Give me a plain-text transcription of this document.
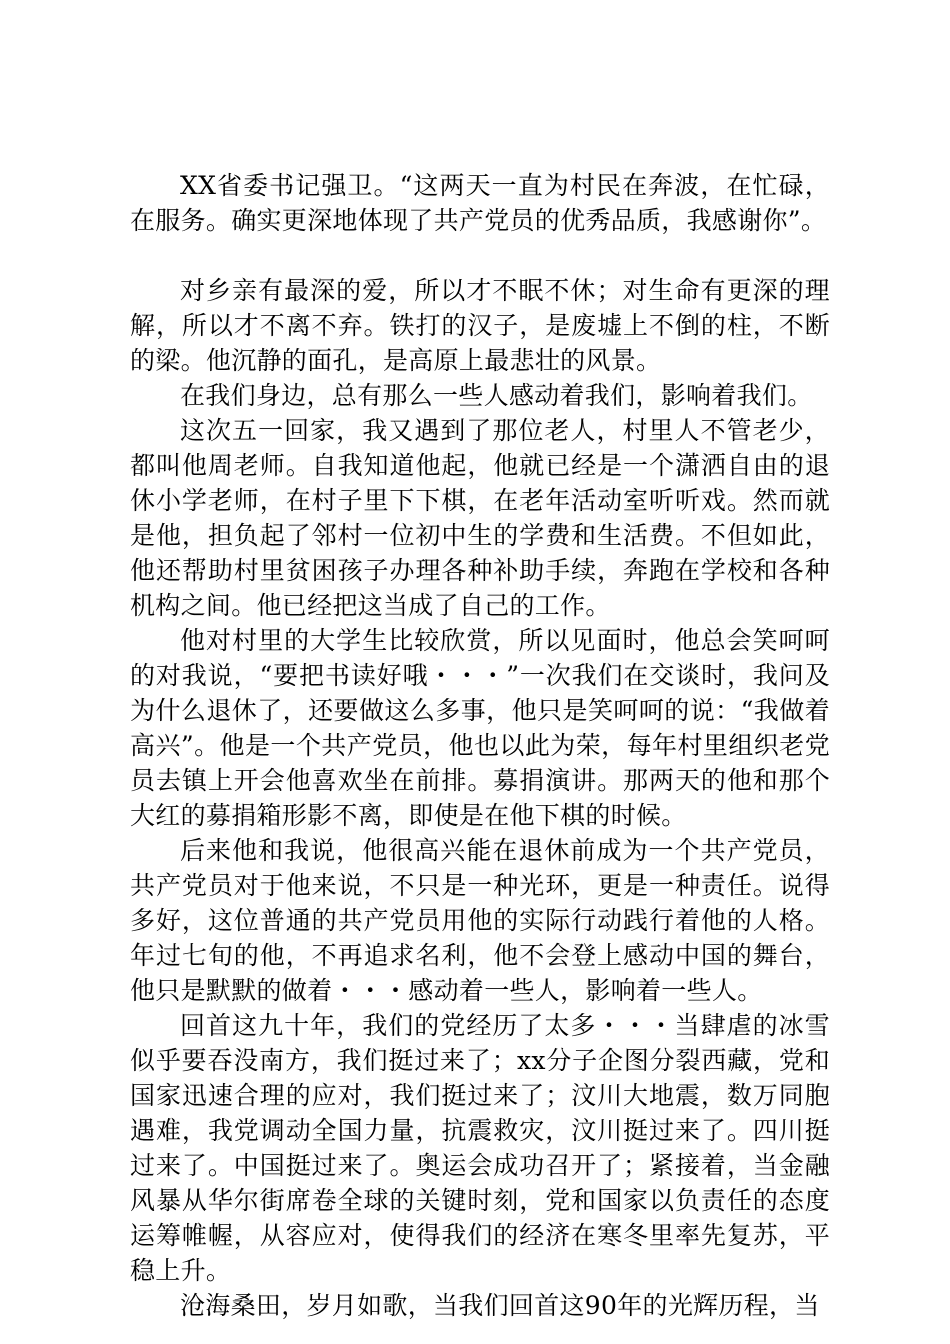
XX省委书记强卫。“这两天一直为村民在奔波，在忙碌，在服务。确实更深地体现了共产党员的优秀品质，我感谢你”。

对乡亲有最深的爱，所以才不眠不休；对生命有更深的理解，所以才不离不弃。铁打的汉子，是废墟上不倒的柱，不断的梁。他沉静的面孔，是高原上最悲壮的风景。

在我们身边，总有那么一些人感动着我们，影响着我们。

这次五一回家，我又遇到了那位老人，村里人不管老少，都叫他周老师。自我知道他起，他就已经是一个潇洒自由的退休小学老师，在村子里下下棋，在老年活动室听听戏。然而就是他，担负起了邻村一位初中生的学费和生活费。不但如此，他还帮助村里贫困孩子办理各种补助手续，奔跑在学校和各种机构之间。他已经把这当成了自己的工作。

他对村里的大学生比较欣赏，所以见面时，他总会笑呵呵的对我说，“要把书读好哦・・・”一次我们在交谈时，我问及为什么退休了，还要做这么多事，他只是笑呵呵的说：“我做着高兴”。他是一个共产党员，他也以此为荣，每年村里组织老党员去镇上开会他喜欢坐在前排。募捐演讲。那两天的他和那个大红的募捐箱形影不离，即使是在他下棋的时候。

后来他和我说，他很高兴能在退休前成为一个共产党员，共产党员对于他来说，不只是一种光环，更是一种责任。说得多好，这位普通的共产党员用他的实际行动践行着他的人格。年过七旬的他，不再追求名利，他不会登上感动中国的舞台，他只是默默的做着・・・感动着一些人，影响着一些人。

回首这九十年，我们的党经历了太多・・・当肆虐的冰雪似乎要吞没南方，我们挺过来了；xx分子企图分裂西藏，党和国家迅速合理的应对，我们挺过来了；汶川大地震，数万同胞遇难，我党调动全国力量，抗震救灾，汶川挺过来了。四川挺过来了。中国挺过来了。奥运会成功召开了；紧接着，当金融风暴从华尔街席卷全球的关键时刻，党和国家以负责任的态度运筹帷幄，从容应对，使得我们的经济在寒冬里率先复苏，平稳上升。

沧海桑田，岁月如歌，当我们回首这90年的光辉历程，当
